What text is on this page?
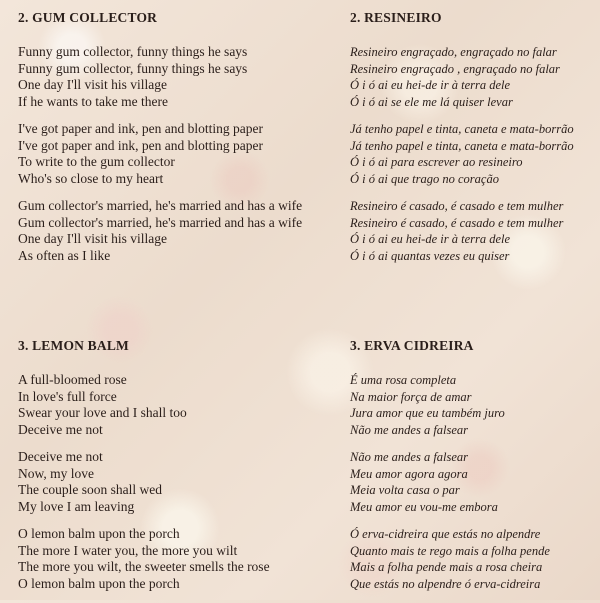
2. GUM COLLECTOR
Funny gum collector, funny things he says
Funny gum collector, funny things he says
One day I'll visit his village
If he wants to take me there
I've got paper and ink, pen and blotting paper
I've got paper and ink, pen and blotting paper
To write to the gum collector
Who's so close to my heart
Gum collector's married, he's married and has a wife
Gum collector's married, he's married and has a wife
One day I'll visit his village
As often as I like
2. RESINEIRO
Resineiro engraçado, engraçado no falar
Resineiro engraçado , engraçado no falar
Ó i ó ai eu hei-de ir à terra dele
Ó i ó ai se ele me lá quiser levar
Já tenho papel e tinta, caneta e mata-borrão
Já tenho papel e tinta, caneta e mata-borrão
Ó i ó ai para escrever ao resineiro
Ó i ó ai que trago no coração
Resineiro é casado, é casado e tem mulher
Resineiro é casado, é casado e tem mulher
Ó i ó ai eu hei-de ir à terra dele
Ó i ó ai quantas vezes eu quiser
3. LEMON BALM
A full-bloomed rose
In love's full force
Swear your love and I shall too
Deceive me not
Deceive me not
Now, my love
The couple soon shall wed
My love I am leaving
O lemon balm upon the porch
The more I water you, the more you wilt
The more you wilt, the sweeter smells the rose
O lemon balm upon the porch
3. ERVA CIDREIRA
É uma rosa completa
Na maior força de amar
Jura amor que eu também juro
Não me andes a falsear
Não me andes a falsear
Meu amor agora agora
Meia volta casa o par
Meu amor eu vou-me embora
Ó erva-cidreira que estás no alpendre
Quanto mais te rego mais a folha pende
Mais a folha pende mais a rosa cheira
Que estás no alpendre ó erva-cidreira
